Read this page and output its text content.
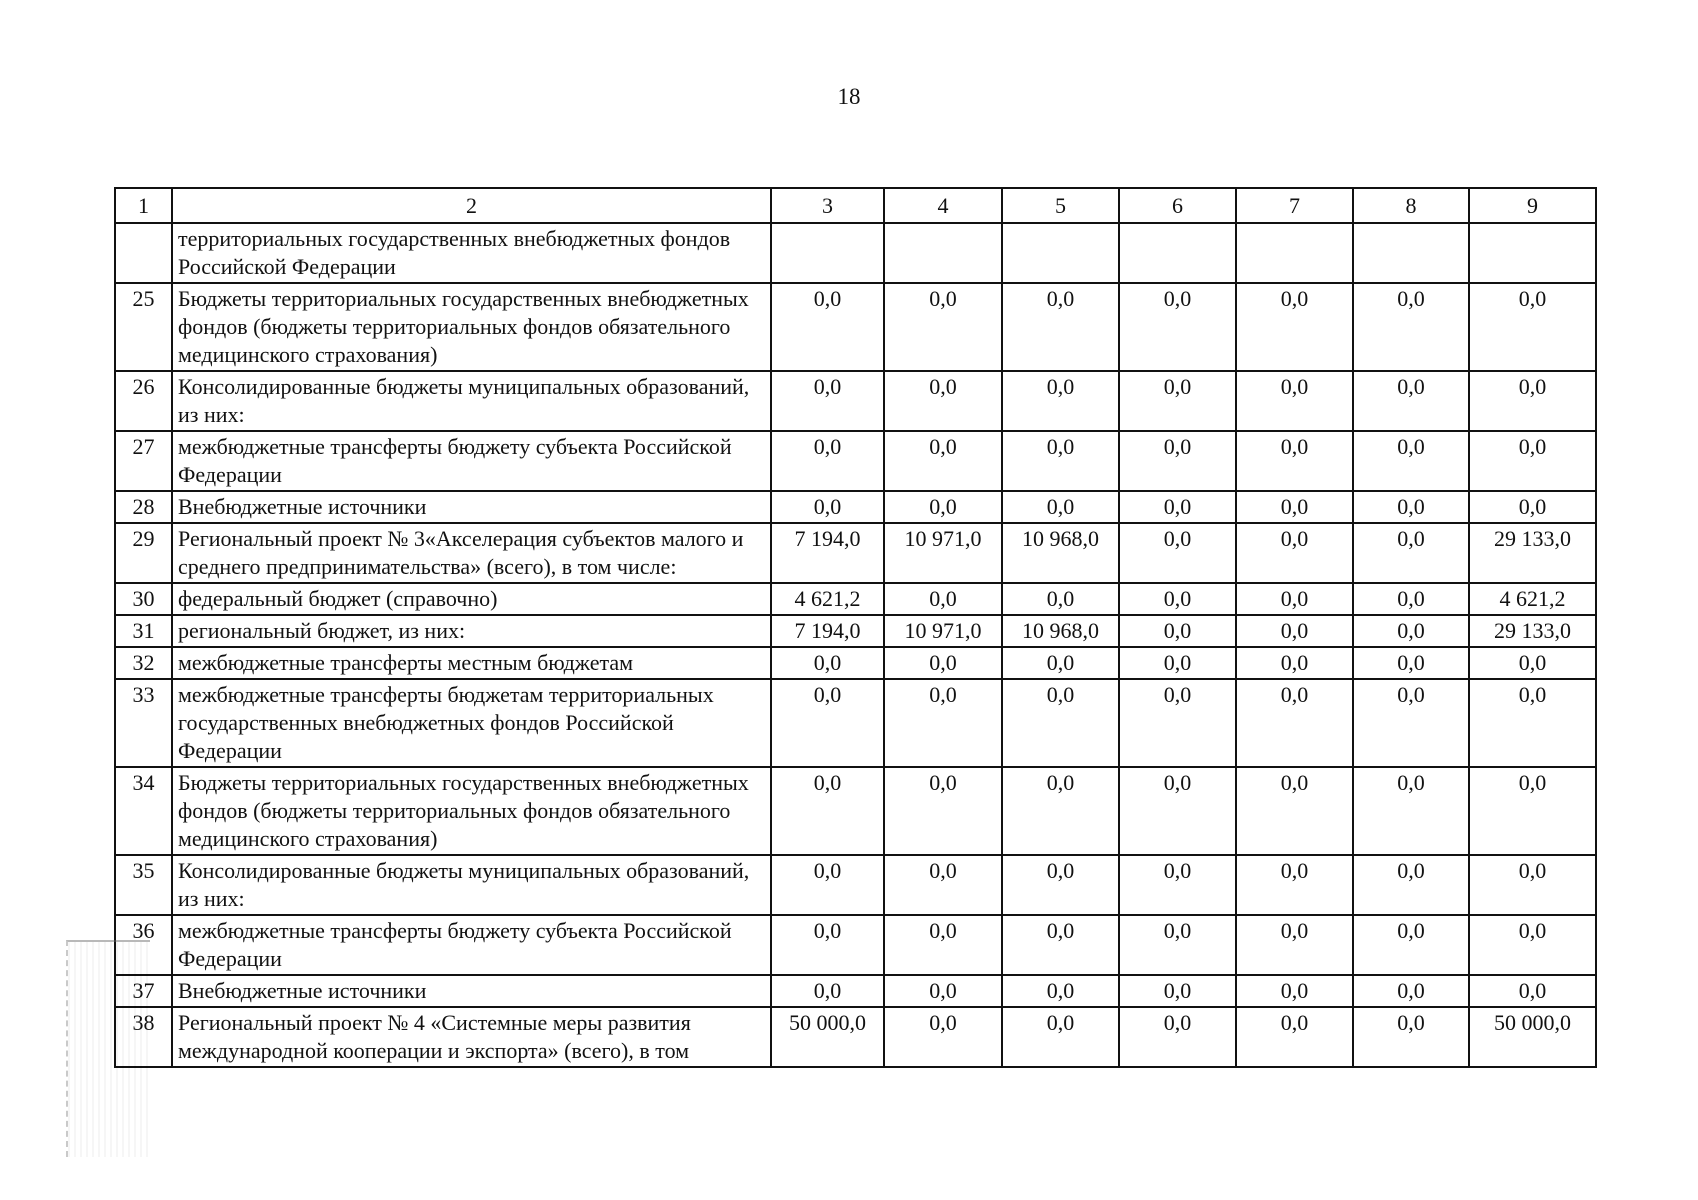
18
1	2	3	4	5	6	7	8	9
	территориальных государственных внебюджетных фондов Российской Федерации							
25	Бюджеты территориальных государственных внебюджетных фондов (бюджеты территориальных фондов обязательного медицинского страхования)	0,0	0,0	0,0	0,0	0,0	0,0	0,0
26	Консолидированные бюджеты муниципальных образований, из них:	0,0	0,0	0,0	0,0	0,0	0,0	0,0
27	межбюджетные трансферты бюджету субъекта Российской Федерации	0,0	0,0	0,0	0,0	0,0	0,0	0,0
28	Внебюджетные источники	0,0	0,0	0,0	0,0	0,0	0,0	0,0
29	Региональный проект № 3«Акселерация субъектов малого и среднего предпринимательства» (всего), в том числе:	7 194,0	10 971,0	10 968,0	0,0	0,0	0,0	29 133,0
30	федеральный бюджет (справочно)	4 621,2	0,0	0,0	0,0	0,0	0,0	4 621,2
31	региональный бюджет, из них:	7 194,0	10 971,0	10 968,0	0,0	0,0	0,0	29 133,0
32	межбюджетные трансферты местным бюджетам	0,0	0,0	0,0	0,0	0,0	0,0	0,0
33	межбюджетные трансферты бюджетам территориальных государственных внебюджетных фондов Российской Федерации	0,0	0,0	0,0	0,0	0,0	0,0	0,0
34	Бюджеты территориальных государственных внебюджетных фондов (бюджеты территориальных фондов обязательного медицинского страхования)	0,0	0,0	0,0	0,0	0,0	0,0	0,0
35	Консолидированные бюджеты муниципальных образований, из них:	0,0	0,0	0,0	0,0	0,0	0,0	0,0
36	межбюджетные трансферты бюджету субъекта Российской Федерации	0,0	0,0	0,0	0,0	0,0	0,0	0,0
37	Внебюджетные источники	0,0	0,0	0,0	0,0	0,0	0,0	0,0
38	Региональный проект № 4 «Системные меры развития международной кооперации и экспорта» (всего), в том	50 000,0	0,0	0,0	0,0	0,0	0,0	50 000,0
